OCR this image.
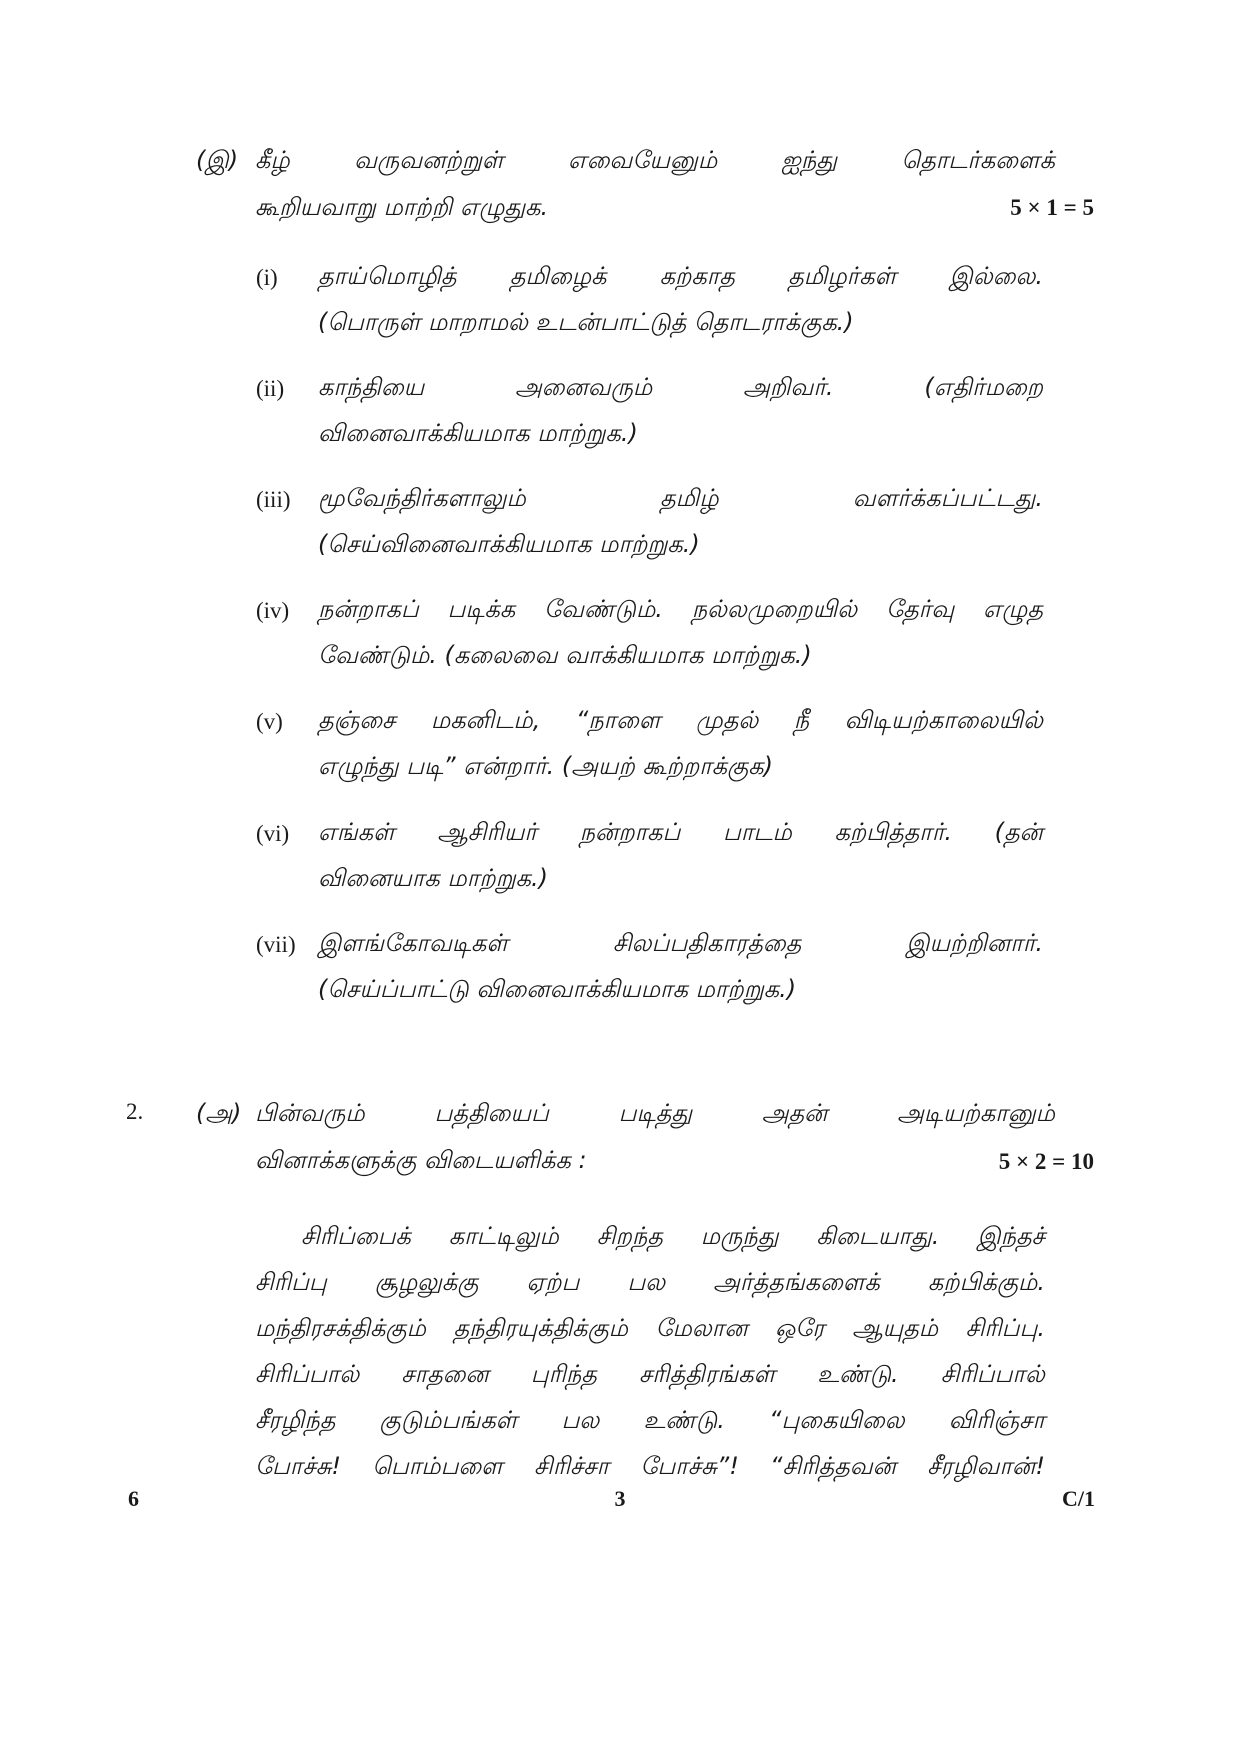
(இ) கீழ்	வருவனற்றுள்	எவையேனும்	ஐந்து	தொடர்களைக்
கூறியவாறு மாற்றி எழுதுக.	5 × 1 = 5
(i) தாய்மொழித் தமிழைக் கற்காத தமிழர்கள் இல்லை.
(பொருள் மாறாமல் உடன்பாட்டுத் தொடராக்குக.)
(ii) காந்தியை	அனைவரும்	அறிவர்.	(எதிர்மறை
வினைவாக்கியமாக மாற்றுக.)
(iii) மூவேந்திர்களாலும்	தமிழ்	வளர்க்கப்பட்டது.
(செய்வினைவாக்கியமாக மாற்றுக.)
(iv) நன்றாகப் படிக்க வேண்டும். நல்லமுறையில் தேர்வு எழுத
வேண்டும். (கலைவை வாக்கியமாக மாற்றுக.)
(v) தஞ்சை மகனிடம், “நாளை முதல் நீ விடியற்காலையில்
எழுந்து படி” என்றார். (அயற் கூற்றாக்குக)
(vi) எங்கள் ஆசிரியர் நன்றாகப் பாடம் கற்பித்தார். (தன்
வினையாக மாற்றுக.)
(vii) இளங்கோவடிகள்	சிலப்பதிகாரத்தை	இயற்றினார்.
(செய்ப்பாட்டு வினைவாக்கியமாக மாற்றுக.)
2. (அ) பின்வரும்	பத்தியைப்	படித்து	அதன்	அடியற்கானும்
வினாக்களுக்கு விடையளிக்க :	5 × 2 = 10
சிரிப்பைக் காட்டிலும் சிறந்த மருந்து கிடையாது. இந்தச்
சிரிப்பு சூழலுக்கு ஏற்ப பல அர்த்தங்களைக் கற்பிக்கும்.
மந்திரசக்திக்கும் தந்திரயுக்திக்கும் மேலான ஒரே ஆயுதம் சிரிப்பு.
சிரிப்பால் சாதனை புரிந்த சரித்திரங்கள் உண்டு. சிரிப்பால்
சீரழிந்த குடும்பங்கள் பல உண்டு. “புகையிலை விரிஞ்சா
போச்சு! பொம்பளை சிரிச்சா போச்சு”! “சிரித்தவன் சீரழிவான்!
6	3	C/1
